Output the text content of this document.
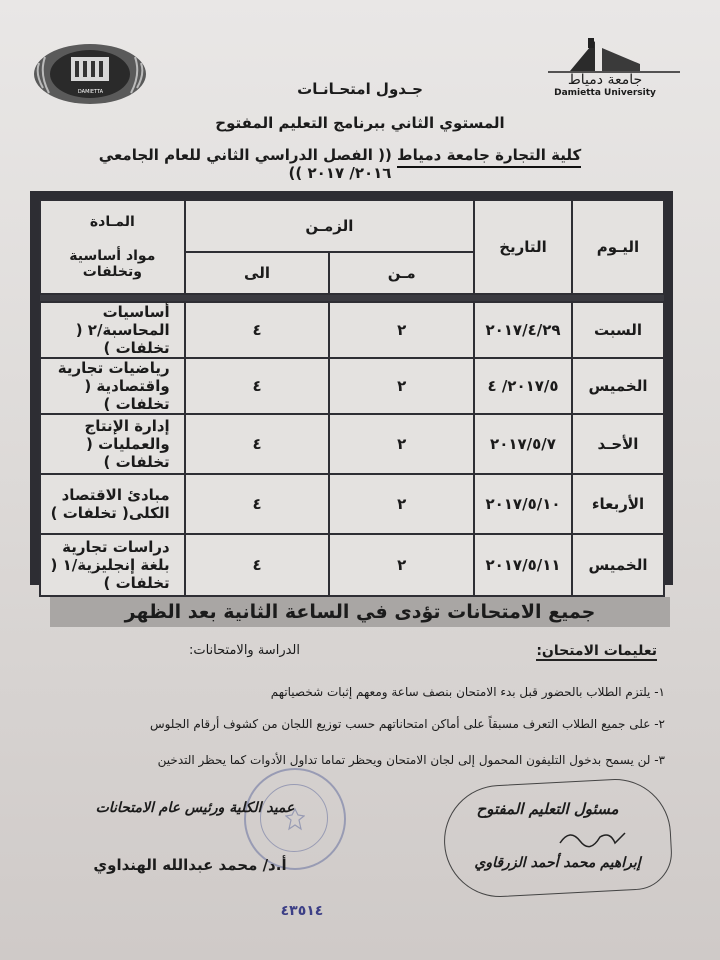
جامعة دمياط
Damietta University
DAMIETTA	جـدول امتحـانـات
المستوي الثاني ببرنامج التعليم المفتوح
كلية التجارة جامعة دمياط (( الفصل الدراسي الثاني للعام الجامعي ٢٠١٦/ ٢٠١٧ ))
اليـوم	التاريخ	الزمـن		المـادة
مواد أساسية وتخلفات

		مـن	الى	

السبت	٢٠١٧/٤/٢٩	٢	٤	أساسيات المحاسبة/٢ ( تخلفات )
الخميس	٢٠١٧/٥/ ٤	٢	٤	رياضيات تجارية واقتصادية ( تخلفات )
الأحـد	٢٠١٧/٥/٧	٢	٤	إدارة الإنتاج والعمليات ( تخلفات )
الأربعاء	٢٠١٧/٥/١٠	٢	٤	مبادئ الاقتصاد الكلى( تخلفات )
الخميس	٢٠١٧/٥/١١	٢	٤	دراسات تجارية بلغة إنجليزية/١ ( تخلفات )
جميع الامتحانات تؤدى في الساعة الثانية بعد الظهر
تعليمات الامتحان:
الدراسة والامتحانات:
١- يلتزم الطلاب بالحضور قبل بدء الامتحان بنصف ساعة ومعهم إثبات شخصياتهم
٢- على جميع الطلاب التعرف مسبقاً على أماكن امتحاناتهم حسب توزيع اللجان من كشوف أرقام الجلوس
٣- لن يسمح بدخول التليفون المحمول إلى لجان الامتحان ويحظر تماما تداول الأدوات كما يحظر التدخين
مسئول التعليم المفتوح
إبراهيم محمد أحمد الزرقاوي
عميد الكلية ورئيس عام الامتحانات
أ.د/ محمد عبدالله الهنداوي
٤٣٥١٤
